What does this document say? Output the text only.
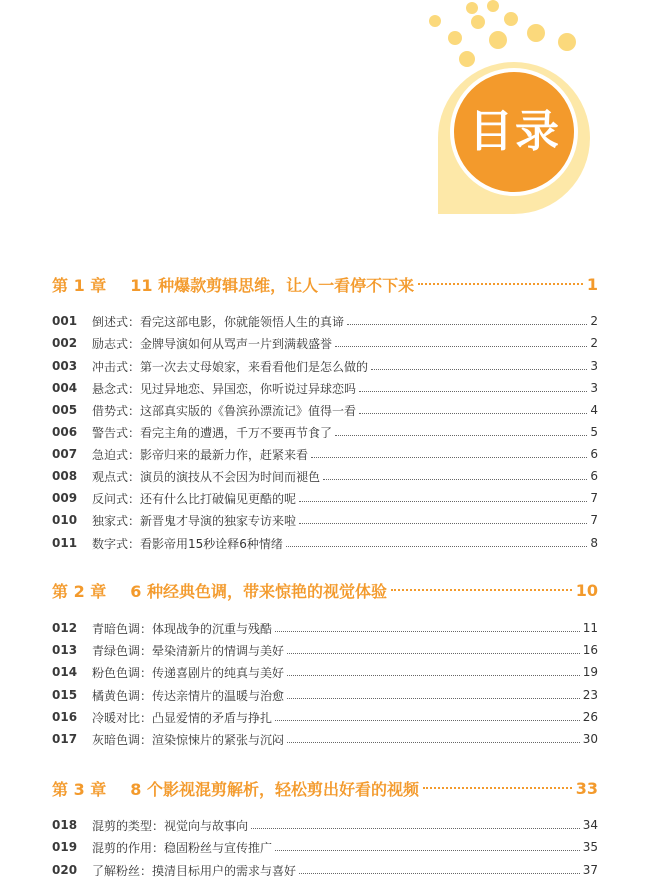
目录
第 1 章 11 种爆款剪辑思维，让人一看停不下来	1
001	倒述式：看完这部电影，你就能领悟人生的真谛	2
002	励志式：金牌导演如何从骂声一片到满载盛誉	2
003	冲击式：第一次去丈母娘家，来看看他们是怎么做的	3
004	悬念式：见过异地恋、异国恋，你听说过异球恋吗	3
005	借势式：这部真实版的《鲁滨孙漂流记》值得一看	4
006	警告式：看完主角的遭遇，千万不要再节食了	5
007	急迫式：影帝归来的最新力作，赶紧来看	6
008	观点式：演员的演技从不会因为时间而褪色	6
009	反问式：还有什么比打破偏见更酷的呢	7
010	独家式：新晋鬼才导演的独家专访来啦	7
011	数字式：看影帝用15秒诠释6种情绪	8
第 2 章 6 种经典色调，带来惊艳的视觉体验	10
012	青暗色调：体现战争的沉重与残酷	11
013	青绿色调：晕染清新片的情调与美好	16
014	粉色色调：传递喜剧片的纯真与美好	19
015	橘黄色调：传达亲情片的温暖与治愈	23
016	冷暖对比：凸显爱情的矛盾与挣扎	26
017	灰暗色调：渲染惊悚片的紧张与沉闷	30
第 3 章 8 个影视混剪解析，轻松剪出好看的视频	33
018	混剪的类型：视觉向与故事向	34
019	混剪的作用：稳固粉丝与宣传推广	35
020	了解粉丝：摸清目标用户的需求与喜好	37
